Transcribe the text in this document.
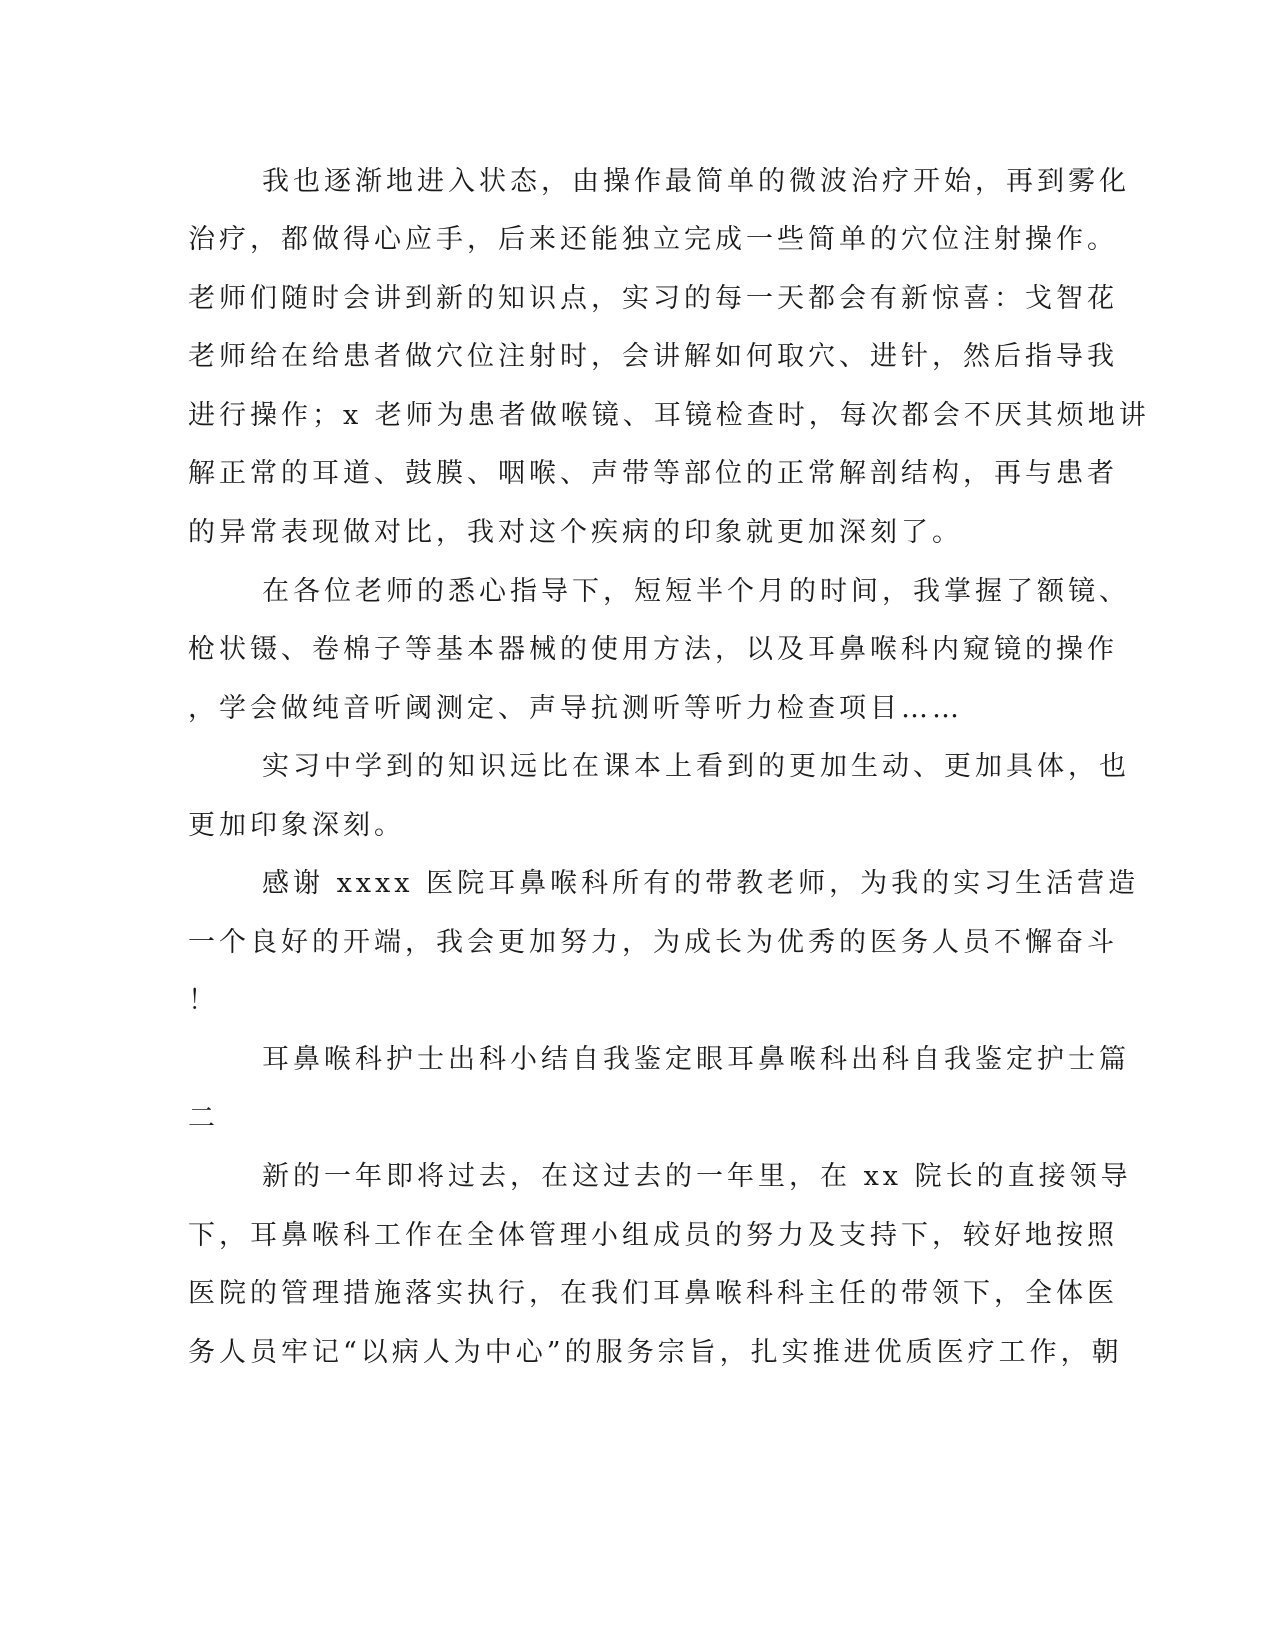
我也逐渐地进入状态，由操作最简单的微波治疗开始，再到雾化
治疗，都做得心应手，后来还能独立完成一些简单的穴位注射操作。
老师们随时会讲到新的知识点，实习的每一天都会有新惊喜：戈智花
老师给在给患者做穴位注射时，会讲解如何取穴、进针，然后指导我
进行操作；x 老师为患者做喉镜、耳镜检查时，每次都会不厌其烦地讲
解正常的耳道、鼓膜、咽喉、声带等部位的正常解剖结构，再与患者
的异常表现做对比，我对这个疾病的印象就更加深刻了。
在各位老师的悉心指导下，短短半个月的时间，我掌握了额镜、
枪状镊、卷棉子等基本器械的使用方法，以及耳鼻喉科内窥镜的操作
，学会做纯音听阈测定、声导抗测听等听力检查项目……
实习中学到的知识远比在课本上看到的更加生动、更加具体，也
更加印象深刻。
感谢 xxxx 医院耳鼻喉科所有的带教老师，为我的实习生活营造
一个良好的开端，我会更加努力，为成长为优秀的医务人员不懈奋斗
！
耳鼻喉科护士出科小结自我鉴定眼耳鼻喉科出科自我鉴定护士篇
二
新的一年即将过去，在这过去的一年里，在 xx 院长的直接领导
下，耳鼻喉科工作在全体管理小组成员的努力及支持下，较好地按照
医院的管理措施落实执行，在我们耳鼻喉科科主任的带领下，全体医
务人员牢记“以病人为中心”的服务宗旨，扎实推进优质医疗工作，朝
